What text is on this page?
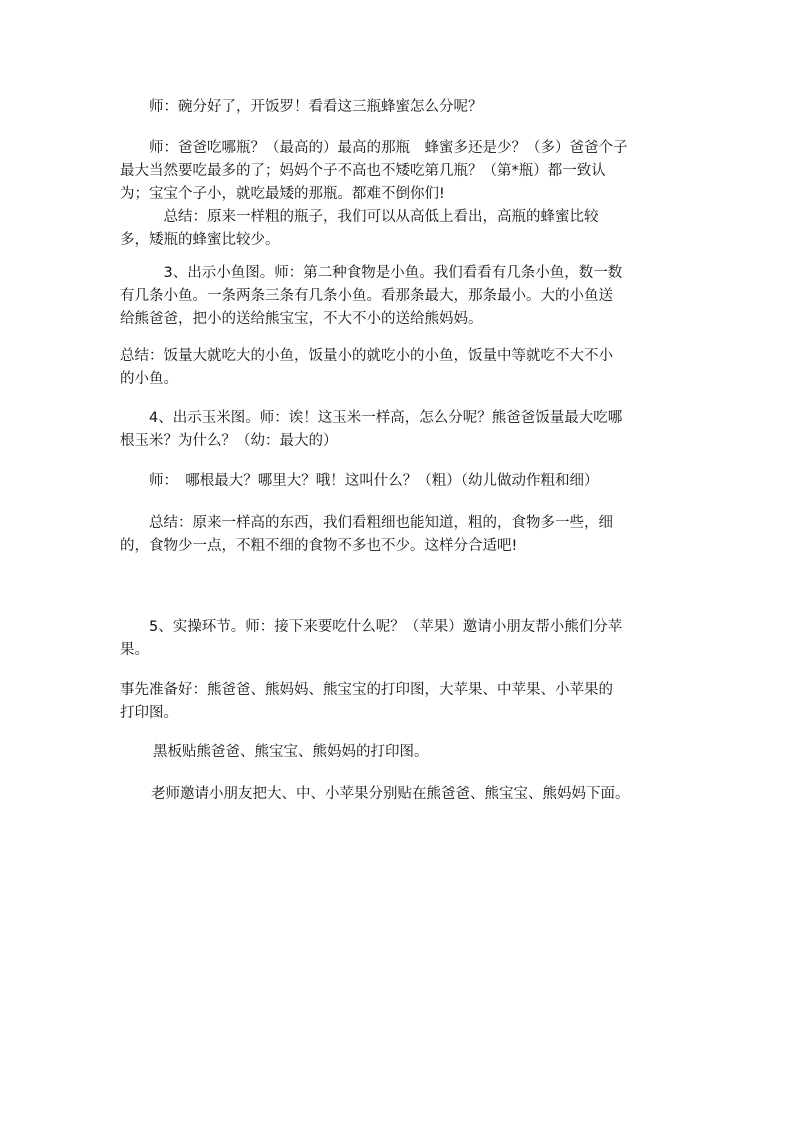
　　师：碗分好了，开饭罗！看看这三瓶蜂蜜怎么分呢？

　　师：爸爸吃哪瓶？（最高的）最高的那瓶　蜂蜜多还是少？（多）爸爸个子
最大当然要吃最多的了；妈妈个子不高也不矮吃第几瓶？（第*瓶）都一致认
为；宝宝个子小，就吃最矮的那瓶。都难不倒你们!
　　　总结：原来一样粗的瓶子，我们可以从高低上看出，高瓶的蜂蜜比较
多，矮瓶的蜂蜜比较少。

　　　3、出示小鱼图。师：第二种食物是小鱼。我们看看有几条小鱼，数一数
有几条小鱼。一条两条三条有几条小鱼。看那条最大，那条最小。大的小鱼送
给熊爸爸，把小的送给熊宝宝，不大不小的送给熊妈妈。

总结：饭量大就吃大的小鱼，饭量小的就吃小的小鱼，饭量中等就吃不大不小
的小鱼。

　　4、出示玉米图。师：诶！这玉米一样高，怎么分呢？熊爸爸饭量最大吃哪
根玉米？为什么？（幼：最大的）

　　师：　哪根最大？哪里大？哦！这叫什么？（粗）（幼儿做动作粗和细）

　　总结：原来一样高的东西，我们看粗细也能知道，粗的，食物多一些，细
的，食物少一点，不粗不细的食物不多也不少。这样分合适吧!

　　5、实操环节。师：接下来要吃什么呢？（苹果）邀请小朋友帮小熊们分苹
果。

事先准备好：熊爸爸、熊妈妈、熊宝宝的打印图，大苹果、中苹果、小苹果的
打印图。

　　黑板贴熊爸爸、熊宝宝、熊妈妈的打印图。

　　老师邀请小朋友把大、中、小苹果分别贴在熊爸爸、熊宝宝、熊妈妈下面。
